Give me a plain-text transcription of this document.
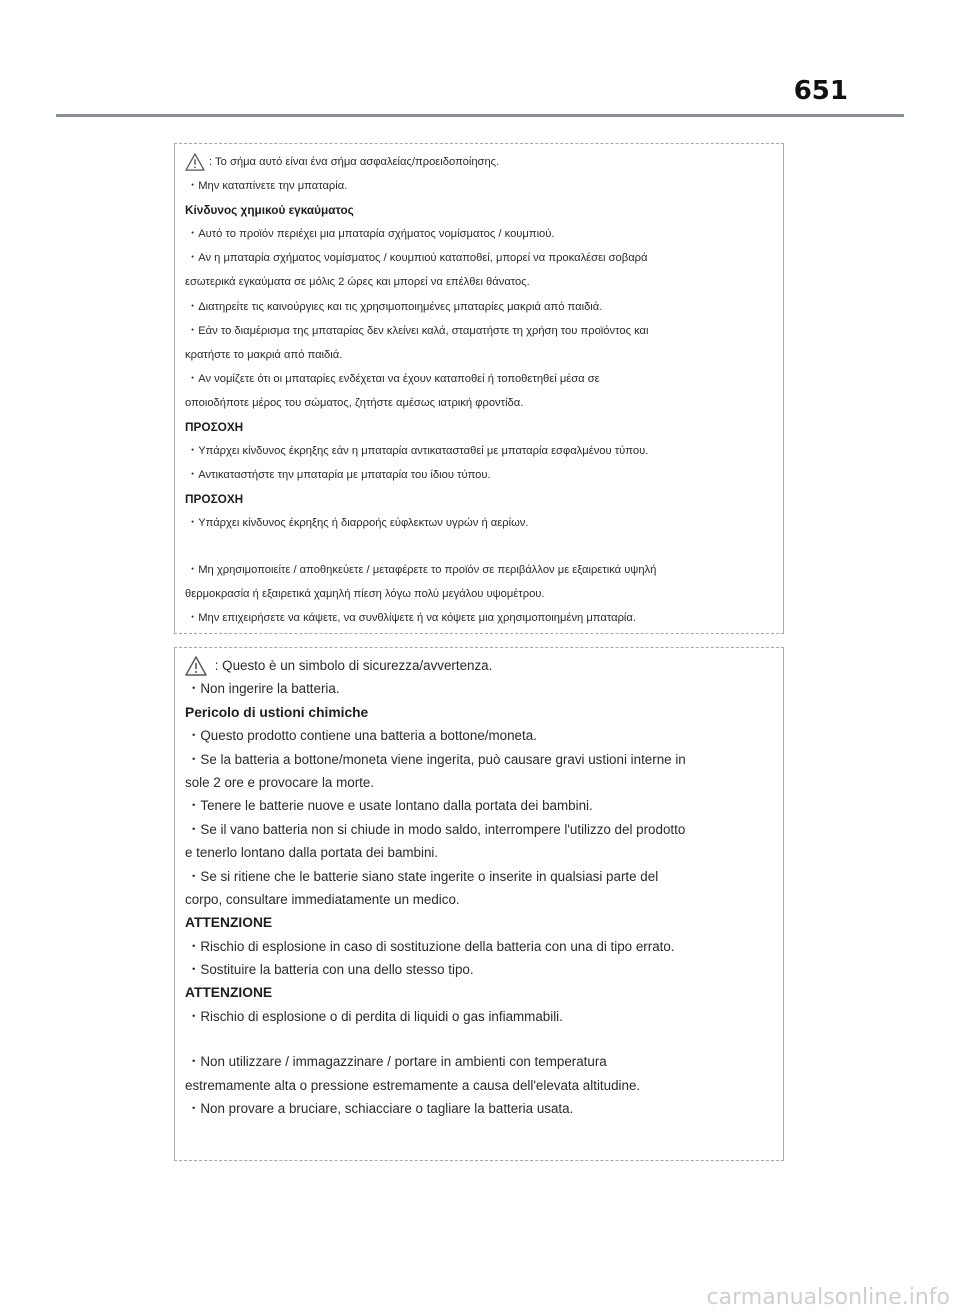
651
: Το σήμα αυτό είναι ένα σήμα ασφαλείας/προειδοποίησης.
・Μην καταπίνετε την μπαταρία.
Κίνδυνος χημικού εγκαύματος
・Αυτό το προϊόν περιέχει μια μπαταρία σχήματος νομίσματος / κουμπιού.
・Αν η μπαταρία σχήματος νομίσματος / κουμπιού καταποθεί, μπορεί να προκαλέσει σοβαρά
εσωτερικά εγκαύματα σε μόλις 2 ώρες και μπορεί να επέλθει θάνατος.
・Διατηρείτε τις καινούργιες και τις χρησιμοποιημένες μπαταρίες μακριά από παιδιά.
・Εάν το διαμέρισμα της μπαταρίας δεν κλείνει καλά, σταματήστε τη χρήση του προϊόντος και
κρατήστε το μακριά από παιδιά.
・Αν νομίζετε ότι οι μπαταρίες ενδέχεται να έχουν καταποθεί ή τοποθετηθεί μέσα σε
οποιοδήποτε μέρος του σώματος, ζητήστε αμέσως ιατρική φροντίδα.
ΠΡΟΣΟΧΗ
・Υπάρχει κίνδυνος έκρηξης εάν η μπαταρία αντικατασταθεί με μπαταρία εσφαλμένου τύπου.
・Αντικαταστήστε την μπαταρία με μπαταρία του ίδιου τύπου.
ΠΡΟΣΟΧΗ
・Υπάρχει κίνδυνος έκρηξης ή διαρροής εύφλεκτων υγρών ή αερίων.
・Μη χρησιμοποιείτε / αποθηκεύετε / μεταφέρετε το προϊόν σε περιβάλλον με εξαιρετικά υψηλή
θερμοκρασία ή εξαιρετικά χαμηλή πίεση λόγω πολύ μεγάλου υψομέτρου.
・Μην επιχειρήσετε να κάψετε, να συνθλίψετε ή να κόψετε μια χρησιμοποιημένη μπαταρία.
: Questo è un simbolo di sicurezza/avvertenza.
・Non ingerire la batteria.
Pericolo di ustioni chimiche
・Questo prodotto contiene una batteria a bottone/moneta.
・Se la batteria a bottone/moneta viene ingerita, può causare gravi ustioni interne in
sole 2 ore e provocare la morte.
・Tenere le batterie nuove e usate lontano dalla portata dei bambini.
・Se il vano batteria non si chiude in modo saldo, interrompere l'utilizzo del prodotto
e tenerlo lontano dalla portata dei bambini.
・Se si ritiene che le batterie siano state ingerite o inserite in qualsiasi parte del
corpo, consultare immediatamente un medico.
ATTENZIONE
・Rischio di esplosione in caso di sostituzione della batteria con una di tipo errato.
・Sostituire la batteria con una dello stesso tipo.
ATTENZIONE
・Rischio di esplosione o di perdita di liquidi o gas infiammabili.
・Non utilizzare / immagazzinare / portare in ambienti con temperatura
estremamente alta o pressione estremamente a causa dell'elevata altitudine.
・Non provare a bruciare, schiacciare o tagliare la batteria usata.
carmanualsonline.info
